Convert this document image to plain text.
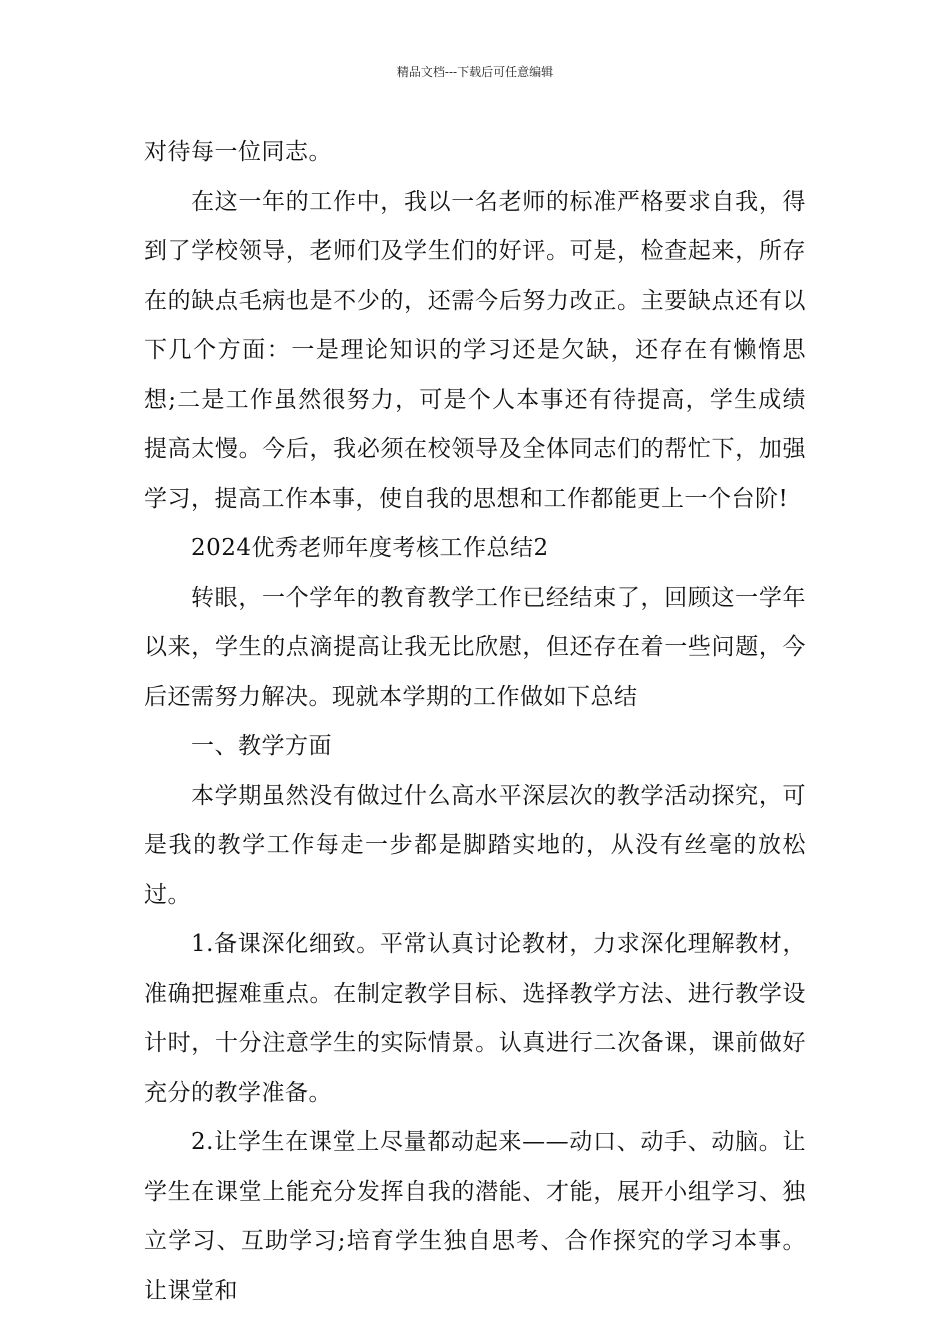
精品文档---下载后可任意编辑

对待每一位同志。

在这一年的工作中，我以一名老师的标准严格要求自我，得到了学校领导，老师们及学生们的好评。可是，检查起来，所存在的缺点毛病也是不少的，还需今后努力改正。主要缺点还有以下几个方面：一是理论知识的学习还是欠缺，还存在有懒惰思想;二是工作虽然很努力，可是个人本事还有待提高，学生成绩提高太慢。今后，我必须在校领导及全体同志们的帮忙下，加强学习，提高工作本事，使自我的思想和工作都能更上一个台阶!

2024优秀老师年度考核工作总结2

转眼，一个学年的教育教学工作已经结束了，回顾这一学年以来，学生的点滴提高让我无比欣慰，但还存在着一些问题，今后还需努力解决。现就本学期的工作做如下总结

一、教学方面

本学期虽然没有做过什么高水平深层次的教学活动探究，可是我的教学工作每走一步都是脚踏实地的，从没有丝毫的放松过。

1.备课深化细致。平常认真讨论教材，力求深化理解教材，准确把握难重点。在制定教学目标、选择教学方法、进行教学设计时，十分注意学生的实际情景。认真进行二次备课，课前做好充分的教学准备。

2.让学生在课堂上尽量都动起来——动口、动手、动脑。让学生在课堂上能充分发挥自我的潜能、才能，展开小组学习、独立学习、互助学习;培育学生独自思考、合作探究的学习本事。让课堂和
